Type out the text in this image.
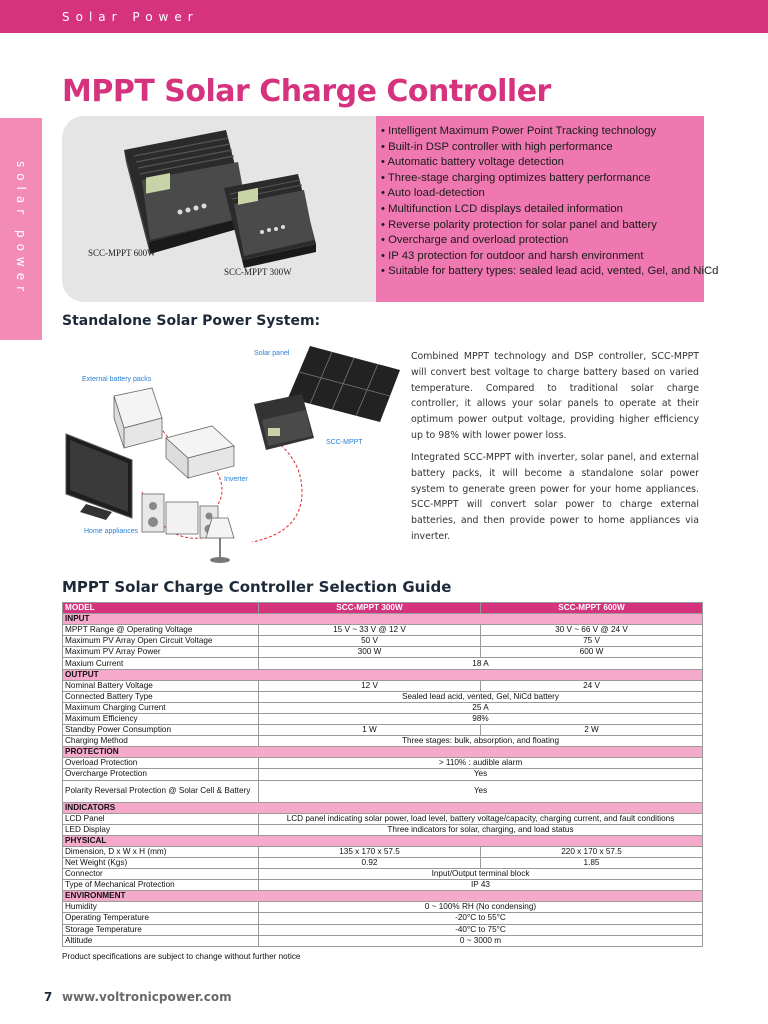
Solar Power
solar power
MPPT Solar Charge Controller
SCC-MPPT 600W
SCC-MPPT 300W
• Intelligent Maximum Power Point Tracking technology
• Built-in DSP controller with high performance
• Automatic battery voltage detection
• Three-stage charging optimizes battery performance
• Auto load-detection
• Multifunction LCD displays detailed information
• Reverse polarity protection for solar panel and battery
• Overcharge and overload protection
• IP 43 protection for outdoor and harsh environment
• Suitable for battery types: sealed lead acid, vented, Gel, and NiCd
Standalone Solar Power System:
Solar panel
External battery packs
SCC-MPPT
Inverter
Home appliances

Combined MPPT technology and DSP controller, SCC-MPPT will convert best voltage to charge battery based on varied temperature. Compared to traditional solar charge controller, it allows your solar panels to operate at their optimum power output voltage, providing higher efficiency up to 98% with lower power loss.

Integrated SCC-MPPT with inverter, solar panel, and external battery packs, it will become a standalone solar power system to generate green power for your home appliances. SCC-MPPT will convert solar power to charge external batteries, and then provide power to home appliances via inverter.

MPPT Solar Charge Controller Selection Guide
MODEL	SCC-MPPT 300W	SCC-MPPT 600W
INPUT		
MPPT Range @ Operating Voltage	15 V ~ 33 V @ 12 V	30 V ~ 66 V @ 24 V
Maximum PV Array Open Circuit Voltage	50 V	75 V
Maximum PV Array Power	300 W	600 W
Maxium Current	18 A	
OUTPUT		
Nominal Battery Voltage	12 V	24 V
Connected Battery Type	Sealed lead acid, vented, Gel, NiCd battery	
Maximum Charging Current	25 A	
Maximum Efficiency	98%	
Standby Power Consumption	1 W	2 W
Charging Method	Three stages: bulk, absorption, and floating	
PROTECTION		
Overload Protection	> 110% : audible alarm	
Overcharge Protection	Yes	
Polarity Reversal Protection @ Solar Cell & Battery	Yes	
INDICATORS		
LCD Panel	LCD panel indicating solar power, load level, battery voltage/capacity, charging current, and fault conditions	
LED Display	Three indicators for solar, charging, and load status	
PHYSICAL		
Dimension, D x W x H (mm)	135 x 170 x 57.5	220 x 170 x 57.5
Net Weight (Kgs)	0.92	1.85
Connector	Input/Output terminal block	
Type of Mechanical Protection	IP 43	
ENVIRONMENT		
Humidity	0 ~ 100% RH (No condensing)	
Operating Temperature	-20°C to 55°C	
Storage Temperature	-40°C to 75°C	
Altitude	0 ~ 3000 m	

Product specifications are subject to change without further notice

7 www.voltronicpower.com
